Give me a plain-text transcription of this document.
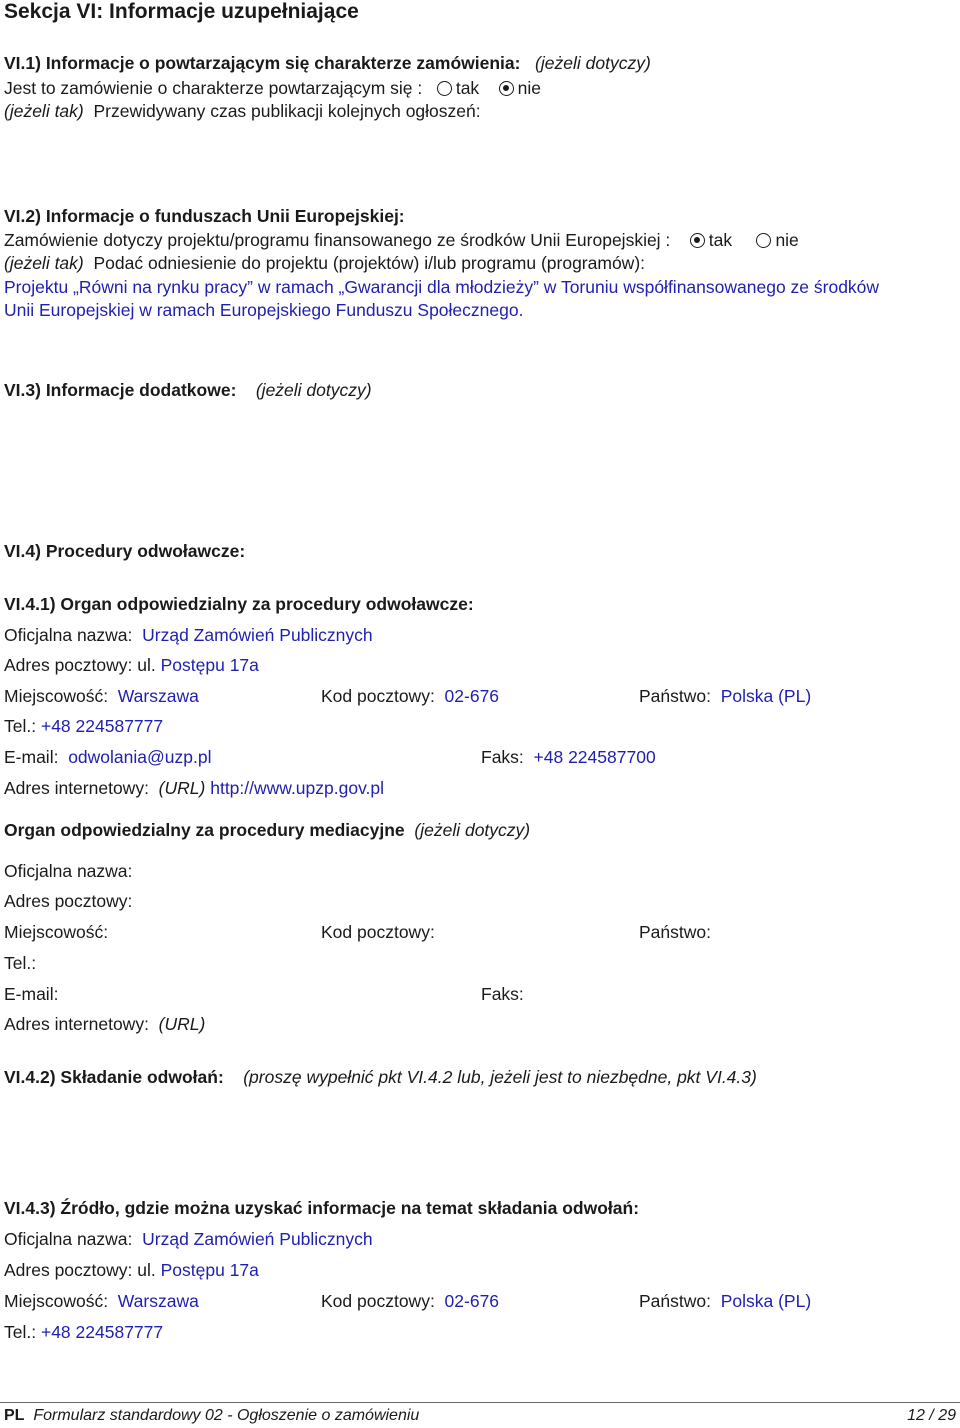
Sekcja VI: Informacje uzupełniające
VI.1) Informacje o powtarzającym się charakterze zamówienia: (jeżeli dotyczy)
Jest to zamówienie o charakterze powtarzającym się : tak nie
(jeżeli tak) Przewidywany czas publikacji kolejnych ogłoszeń:
VI.2) Informacje o funduszach Unii Europejskiej:
Zamówienie dotyczy projektu/programu finansowanego ze środków Unii Europejskiej : tak nie
(jeżeli tak) Podać odniesienie do projektu (projektów) i/lub programu (programów):
Projektu „Równi na rynku pracy” w ramach „Gwarancji dla młodzieży” w Toruniu współfinansowanego ze środków Unii Europejskiej w ramach Europejskiego Funduszu Społecznego.
VI.3) Informacje dodatkowe: (jeżeli dotyczy)
VI.4) Procedury odwoławcze:
VI.4.1) Organ odpowiedzialny za procedury odwoławcze:
Oficjalna nazwa: Urząd Zamówień Publicznych
Adres pocztowy: ul. Postępu 17a
Miejscowość: Warszawa	Kod pocztowy: 02-676	Państwo: Polska (PL)
Tel.: +48 224587777
E-mail: odwolania@uzp.pl	Faks: +48 224587700
Adres internetowy: (URL) http://www.upzp.gov.pl
Organ odpowiedzialny za procedury mediacyjne (jeżeli dotyczy)
Oficjalna nazwa:
Adres pocztowy:
Miejscowość:	Kod pocztowy:	Państwo:
Tel.:
E-mail:	Faks:
Adres internetowy: (URL)
VI.4.2) Składanie odwołań: (proszę wypełnić pkt VI.4.2 lub, jeżeli jest to niezbędne, pkt VI.4.3)
VI.4.3) Źródło, gdzie można uzyskać informacje na temat składania odwołań:
Oficjalna nazwa: Urząd Zamówień Publicznych
Adres pocztowy: ul. Postępu 17a
Miejscowość: Warszawa	Kod pocztowy: 02-676	Państwo: Polska (PL)
Tel.: +48 224587777
PL Formularz standardowy 02 - Ogłoszenie o zamówieniu	12 / 29
